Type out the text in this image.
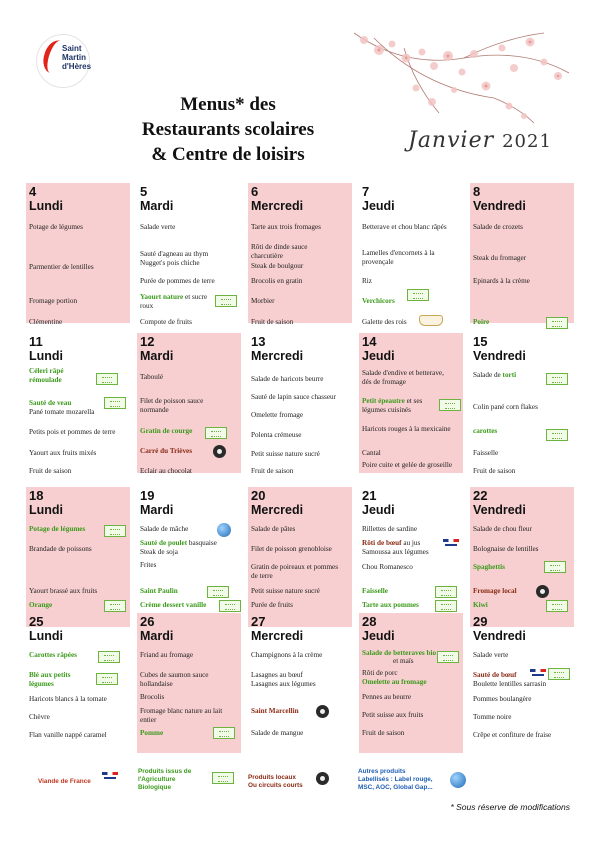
Saint
Martin
d'Hères
Menus* des
Restaurants scolaires
& Centre de loisirs
Janvier 2021
4
Lundi
Potage de légumes
Parmentier de lentilles
Fromage portion
Clémentine
5
Mardi
Salade verte
Sauté d'agneau au thym
Nugget's pois chiche
Purée de pommes de terre
Yaourt nature et sucre roux
Compote de fruits
6
Mercredi
Tarte aux trois fromages
Rôti de dinde sauce charcutière
Steak de boulgour
Brocolis en gratin
Morbier
Fruit de saison
7
Jeudi
Betterave et chou blanc râpés
Lamelles d'encornets à la provençale
Riz
Verchicors
Galette des rois
8
Vendredi
Salade de crozets
Steak du fromager
Epinards à la crème
Poire
11
Lundi
Céleri râpé rémoulade
Sauté de veau
Pané tomate mozarella
Petits pois et pommes de terre
Yaourt aux fruits mixés
Fruit de saison
12
Mardi
Taboulé
Filet de poisson sauce normande
Gratin de courge
Carré du Trièves
Eclair au chocolat
13
Mercredi
Salade de haricots beurre
Sauté de lapin sauce chasseur
Omelette fromage
Polenta crémeuse
Petit suisse nature sucré
Fruit de saison
14
Jeudi
Salade d'endive et betterave, dés de fromage
Petit épeautre et ses légumes cuisinés
Haricots rouges à la mexicaine
Cantal
Poire cuite et gelée de groseille
15
Vendredi
Salade de torti
Colin pané corn flakes
carottes
Faisselle
Fruit de saison
18
Lundi
Potage de légumes
Brandade de poissons
Yaourt brassé aux fruits
Orange
19
Mardi
Salade de mâche
Sauté de poulet basquaise
Steak de soja
Frites
Saint Paulin
Crème dessert vanille
20
Mercredi
Salade de pâtes
Filet de poisson grenobloise
Gratin de poireaux et pommes de terre
Petit suisse nature sucré
Purée de fruits
21
Jeudi
Rillettes de sardine
Rôti de bœuf au jus
Samoussa aux légumes
Chou Romanesco
Faisselle
Tarte aux pommes
22
Vendredi
Salade de chou fleur
Bolognaise de lentilles
Spaghettis
Fromage local
Kiwi
25
Lundi
Carottes râpées
Blé aux petits légumes
Haricots blancs à la tomate
Chèvre
Flan vanille nappé caramel
26
Mardi
Friand au fromage
Cubes de saumon sauce hollandaise
Brocolis
Fromage blanc nature au lait entier
Pomme
27
Mercredi
Champignons à la crème
Lasagnes au bœuf
Lasagnes aux légumes
Saint Marcellin
Salade de mangue
28
Jeudi
Salade de betteraves bio
et maïs
Rôti de porc
Omelette au fromage
Pennes au beurre
Petit suisse aux fruits
Fruit de saison
29
Vendredi
Salade verte
Sauté de bœuf
Boulette lentilles sarrasin
Pommes boulangère
Tomme noire
Crêpe et confiture de fraise
Viande de France
Produits issus de
l'Agriculture
Biologique
Produits locaux
Ou circuits courts
Autres produits
Labellisés : Label rouge,
MSC, AOC, Global Gap...
* Sous réserve de modifications
